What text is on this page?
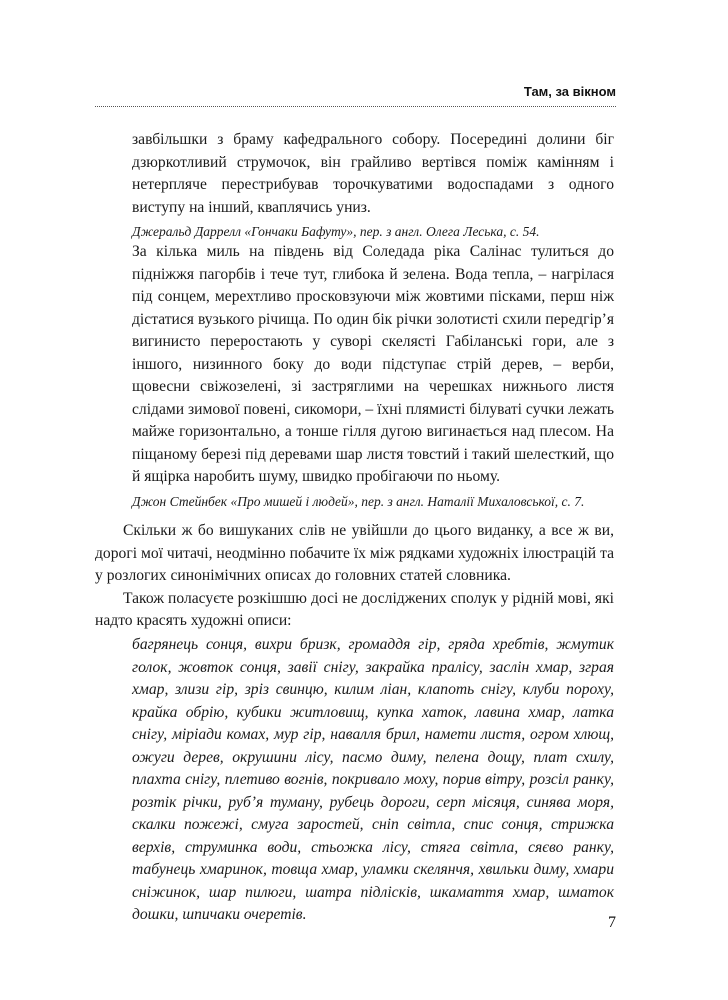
Там, за вікном

завбільшки з браму кафедрального собору. Посередині долини біг дзюркотливий струмочок, він грайливо вертівся поміж камінням і нетерпляче перестрибував торочкуватими водоспадами з одного виступу на інший, кваплячись униз.

Джеральд Даррелл «Гончаки Бафуту», пер. з англ. Олега Леська, с. 54.

За кілька миль на південь від Соледада ріка Салінас тулиться до підніжжя пагорбів і тече тут, глибока й зелена. Вода тепла, – нагрілася під сонцем, мерехтливо просковзуючи між жовтими пісками, перш ніж дістатися вузького річища. По один бік річки золотисті схили передгір’я вигинисто переростають у суворі скелясті Габіланські гори, але з іншого, низинного боку до води підступає стрій дерев, – верби, щовесни свіжозелені, зі застряглими на черешках нижнього листя слідами зимової повені, сикомори, – їхні плямисті білуваті сучки лежать майже горизонтально, а тонше гілля дугою вигинається над плесом. На піщаному березі під деревами шар листя товстий і такий шелесткий, що й ящірка наробить шуму, швидко пробігаючи по ньому.

Джон Стейнбек «Про мишей і людей», пер. з англ. Наталії Михаловської, с. 7.

Скільки ж бо вишуканих слів не увійшли до цього виданку, а все ж ви, дорогі мої читачі, неодмінно побачите їх між рядками художніх ілюстрацій та у розлогих синонімічних описах до головних статей словника.

Також поласуєте розкішшю досі не досліджених сполук у рідній мові, які надто красять художні описи:

багрянець сонця, вихри бризк, громаддя гір, гряда хребтів, жмутик голок, жовток сонця, завії снігу, закрайка пралісу, заслін хмар, зграя хмар, злизи гір, зріз свинцю, килим ліан, клапоть снігу, клуби пороху, крайка обрію, кубики житловищ, купка хаток, лавина хмар, латка снігу, міріади комах, мур гір, навалля брил, намети листя, огром хлющ, ожуги дерев, окрушини лісу, пасмо диму, пелена дощу, плат схилу, плахта снігу, плетиво вогнів, покривало моху, порив вітру, розсіл ранку, розтік річки, руб’я туману, рубець дороги, серп місяця, синява моря, скалки пожежі, смуга заростей, сніп світла, спис сонця, стрижка верхів, струминка води, стьожка лісу, стяга світла, сяєво ранку, табунець хмаринок, товща хмар, уламки скелянчя, хвильки диму, хмари сніжинок, шар пилюги, шатра підлісків, шкамаття хмар, шматок дошки, шпичаки очеретів.	7
